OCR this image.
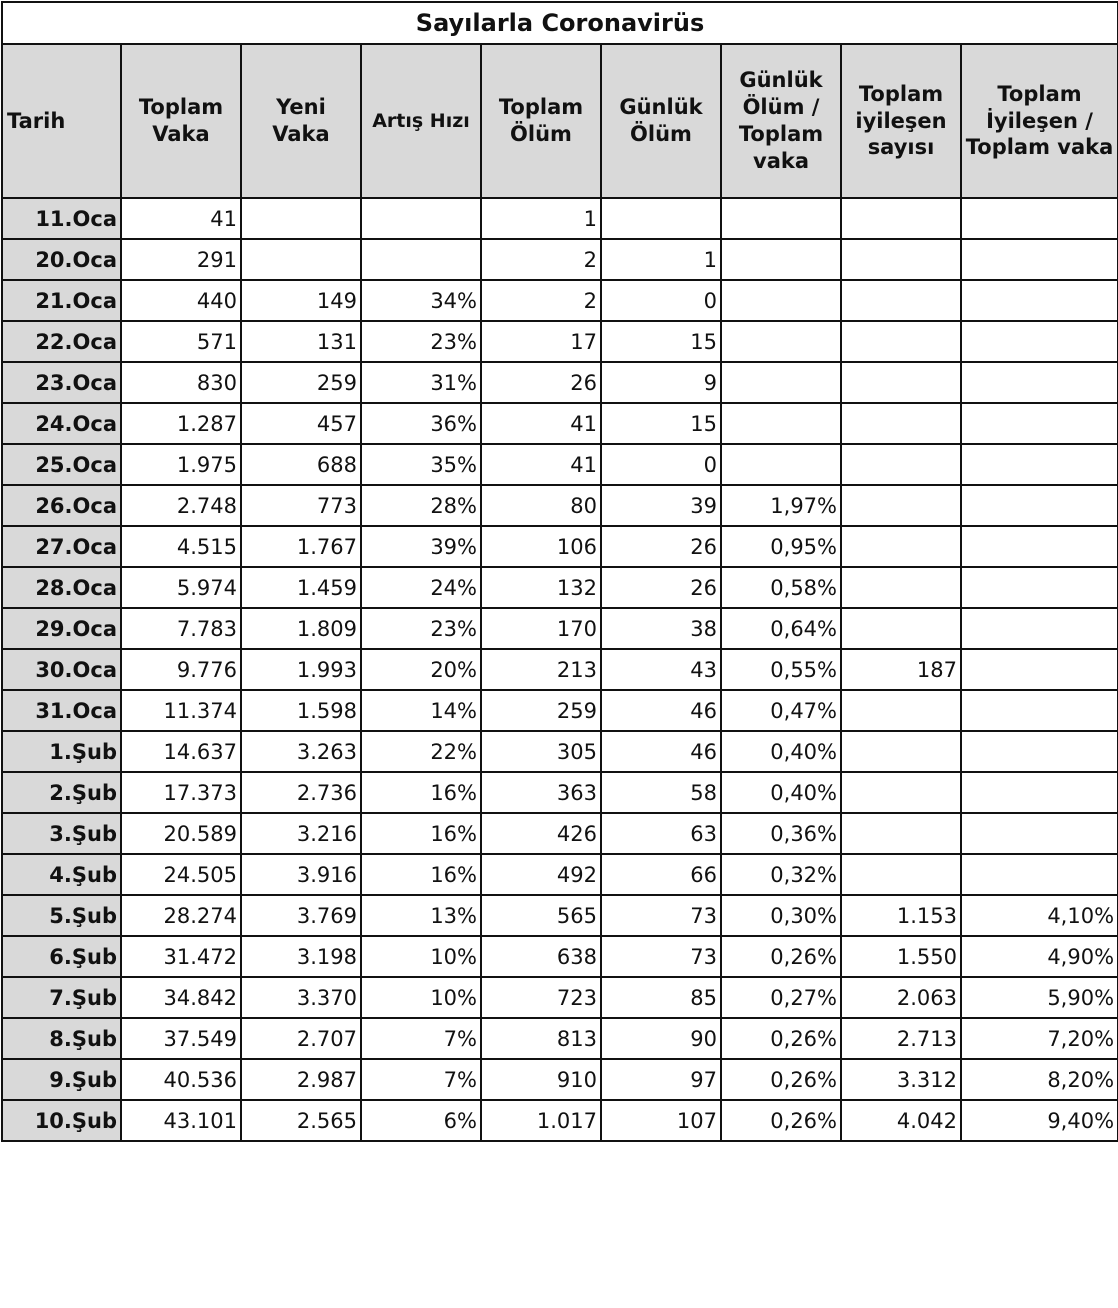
Sayılarla Coronavirüs								
Tarih	Toplam Vaka	Yeni Vaka	Artış Hızı	Toplam Ölüm	Günlük Ölüm	Günlük Ölüm / Toplam vaka	Toplam iyileşen sayısı	Toplam İyileşen / Toplam vaka
11.Oca	41			1				
20.Oca	291			2	1			
21.Oca	440	149	34%	2	0			
22.Oca	571	131	23%	17	15			
23.Oca	830	259	31%	26	9			
24.Oca	1.287	457	36%	41	15			
25.Oca	1.975	688	35%	41	0			
26.Oca	2.748	773	28%	80	39	1,97%		
27.Oca	4.515	1.767	39%	106	26	0,95%		
28.Oca	5.974	1.459	24%	132	26	0,58%		
29.Oca	7.783	1.809	23%	170	38	0,64%		
30.Oca	9.776	1.993	20%	213	43	0,55%	187	
31.Oca	11.374	1.598	14%	259	46	0,47%		
1.Şub	14.637	3.263	22%	305	46	0,40%		
2.Şub	17.373	2.736	16%	363	58	0,40%		
3.Şub	20.589	3.216	16%	426	63	0,36%		
4.Şub	24.505	3.916	16%	492	66	0,32%		
5.Şub	28.274	3.769	13%	565	73	0,30%	1.153	4,10%
6.Şub	31.472	3.198	10%	638	73	0,26%	1.550	4,90%
7.Şub	34.842	3.370	10%	723	85	0,27%	2.063	5,90%
8.Şub	37.549	2.707	7%	813	90	0,26%	2.713	7,20%
9.Şub	40.536	2.987	7%	910	97	0,26%	3.312	8,20%
10.Şub	43.101	2.565	6%	1.017	107	0,26%	4.042	9,40%
